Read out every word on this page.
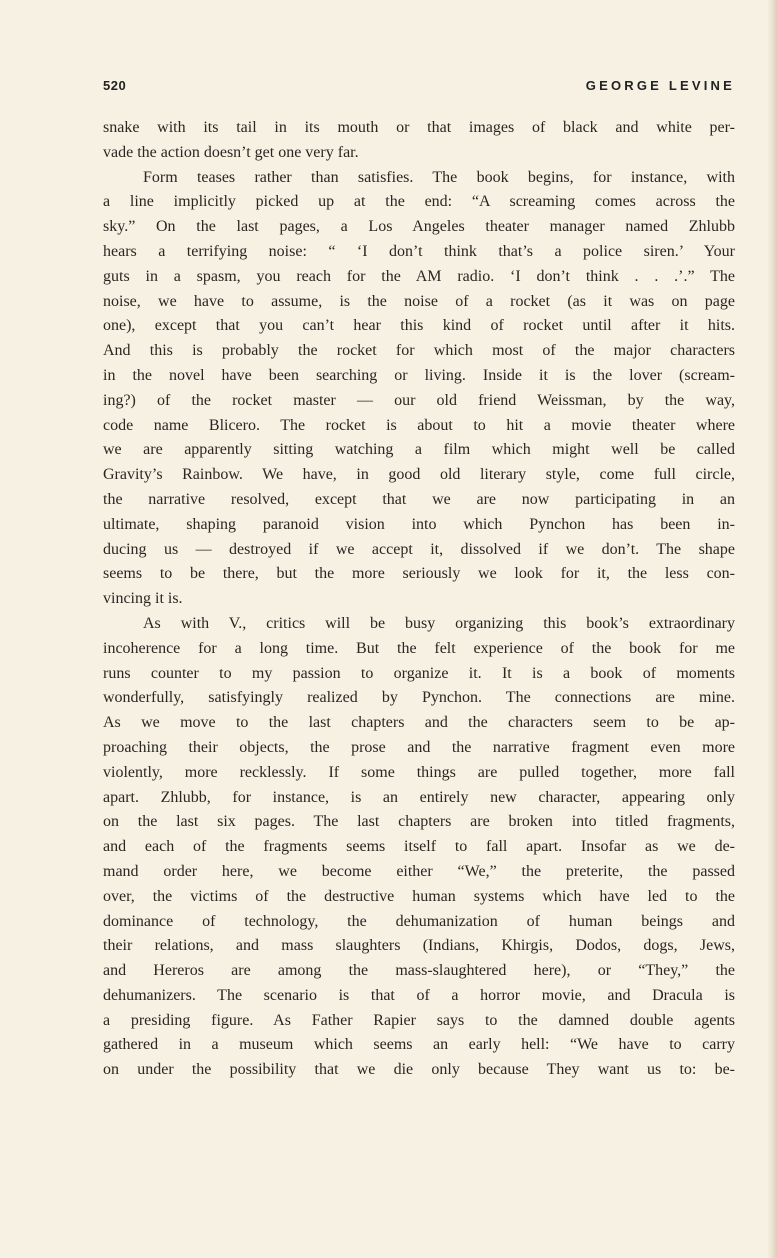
520	GEORGE LEVINE
snake with its tail in its mouth or that images of black and white per-
vade the action doesn’t get one very far.
Form teases rather than satisfies. The book begins, for instance, with
a line implicitly picked up at the end: “A screaming comes across the
sky.” On the last pages, a Los Angeles theater manager named Zhlubb
hears a terrifying noise: “ ‘I don’t think that’s a police siren.’ Your
guts in a spasm, you reach for the AM radio. ‘I don’t think . . .’.” The
noise, we have to assume, is the noise of a rocket (as it was on page
one), except that you can’t hear this kind of rocket until after it hits.
And this is probably the rocket for which most of the major characters
in the novel have been searching or living. Inside it is the lover (scream-
ing?) of the rocket master — our old friend Weissman, by the way,
code name Blicero. The rocket is about to hit a movie theater where
we are apparently sitting watching a film which might well be called
Gravity’s Rainbow. We have, in good old literary style, come full circle,
the narrative resolved, except that we are now participating in an
ultimate, shaping paranoid vision into which Pynchon has been in-
ducing us — destroyed if we accept it, dissolved if we don’t. The shape
seems to be there, but the more seriously we look for it, the less con-
vincing it is.
As with V., critics will be busy organizing this book’s extraordinary
incoherence for a long time. But the felt experience of the book for me
runs counter to my passion to organize it. It is a book of moments
wonderfully, satisfyingly realized by Pynchon. The connections are mine.
As we move to the last chapters and the characters seem to be ap-
proaching their objects, the prose and the narrative fragment even more
violently, more recklessly. If some things are pulled together, more fall
apart. Zhlubb, for instance, is an entirely new character, appearing only
on the last six pages. The last chapters are broken into titled fragments,
and each of the fragments seems itself to fall apart. Insofar as we de-
mand order here, we become either “We,” the preterite, the passed
over, the victims of the destructive human systems which have led to the
dominance of technology, the dehumanization of human beings and
their relations, and mass slaughters (Indians, Khirgis, Dodos, dogs, Jews,
and Hereros are among the mass-slaughtered here), or “They,” the
dehumanizers. The scenario is that of a horror movie, and Dracula is
a presiding figure. As Father Rapier says to the damned double agents
gathered in a museum which seems an early hell: “We have to carry
on under the possibility that we die only because They want us to: be-
